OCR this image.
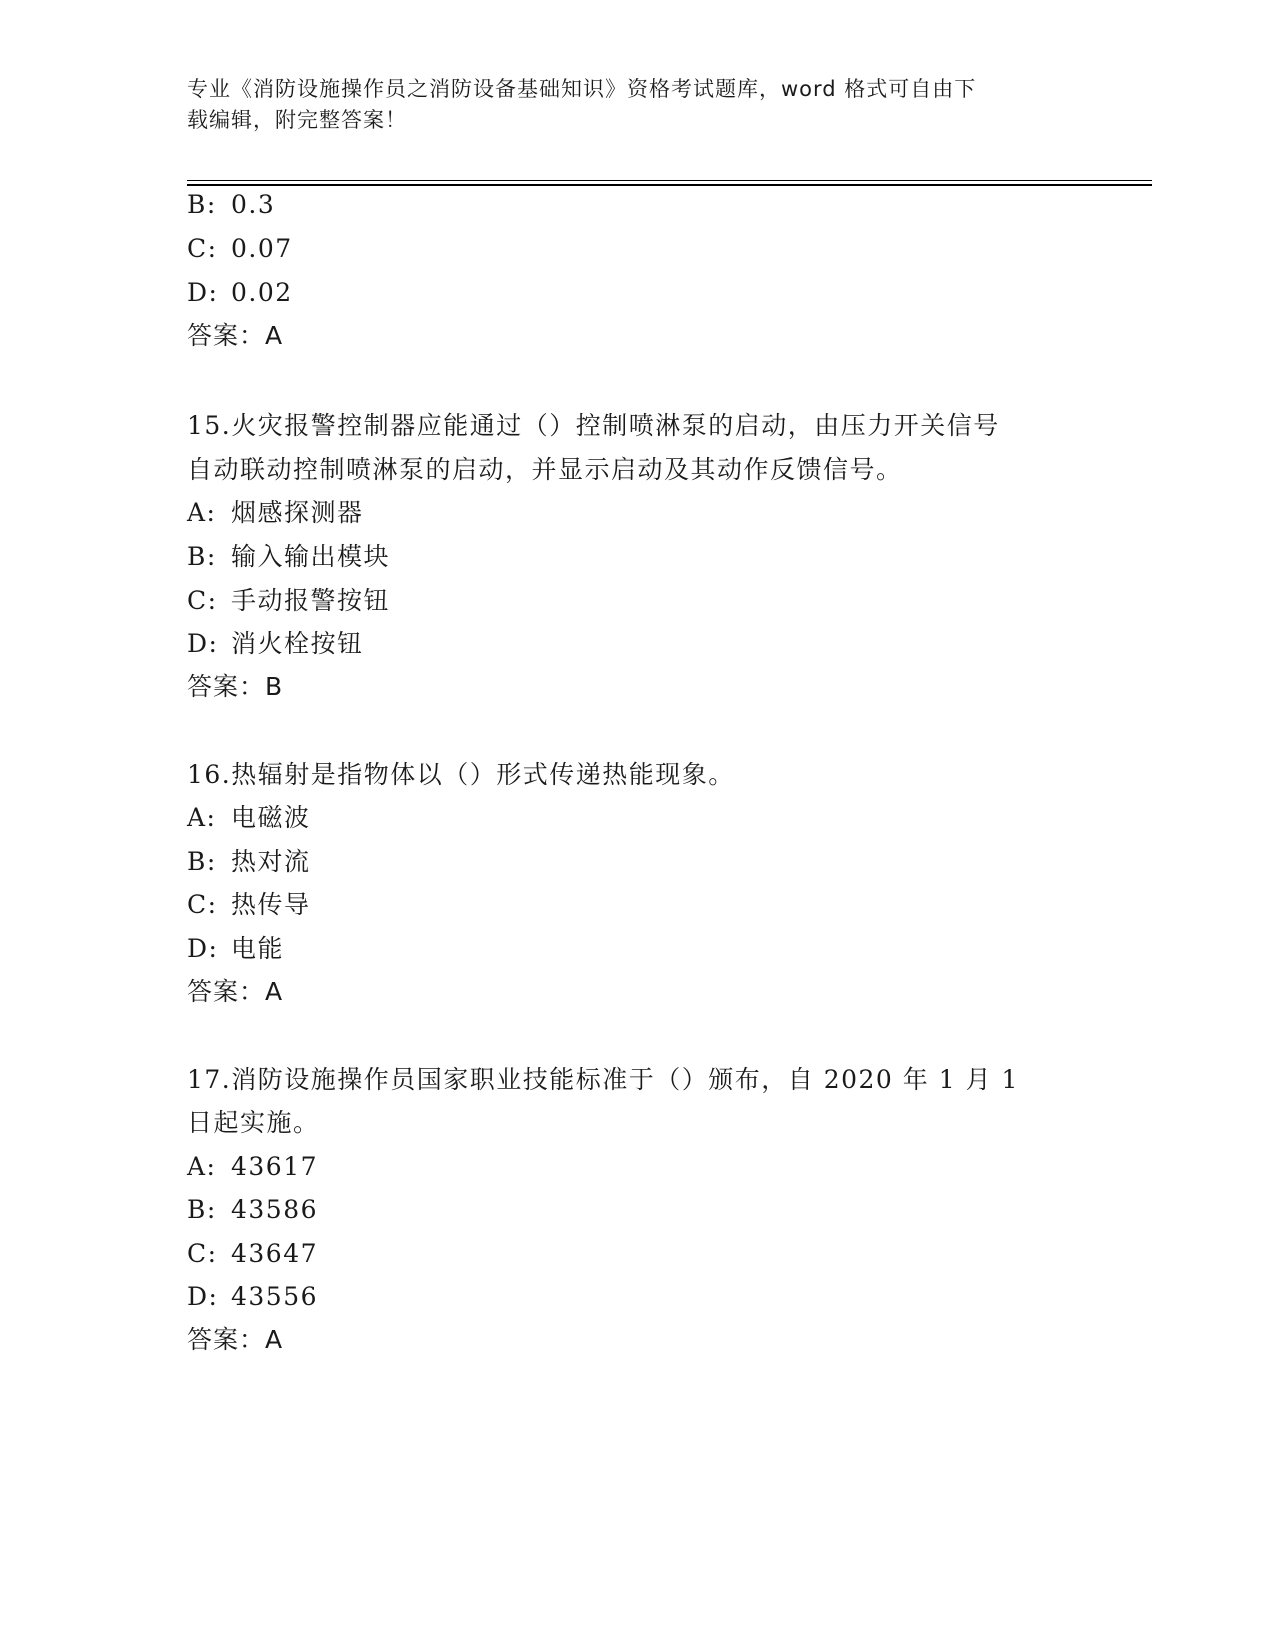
专业《消防设施操作员之消防设备基础知识》资格考试题库，word 格式可自由下
载编辑，附完整答案！
B: 0.3
C: 0.07
D: 0.02
答案：A
15.火灾报警控制器应能通过（）控制喷淋泵的启动，由压力开关信号
自动联动控制喷淋泵的启动，并显示启动及其动作反馈信号。
A: 烟感探测器
B: 输入输出模块
C: 手动报警按钮
D: 消火栓按钮
答案：B
16.热辐射是指物体以（）形式传递热能现象。
A: 电磁波
B: 热对流
C: 热传导
D: 电能
答案：A
17.消防设施操作员国家职业技能标准于（）颁布，自 2020 年 1 月 1
日起实施。
A: 43617
B: 43586
C: 43647
D: 43556
答案：A
